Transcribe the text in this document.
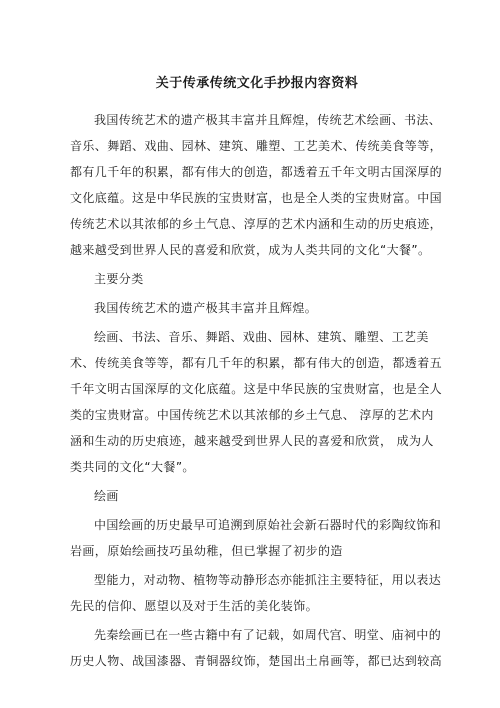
关于传承传统文化手抄报内容资料

我国传统艺术的遗产极其丰富并且辉煌，传统艺术绘画、书法、音乐、舞蹈、戏曲、园林、建筑、雕塑、工艺美术、传统美食等等，都有几千年的积累，都有伟大的创造，都透着五千年文明古国深厚的文化底蕴。这是中华民族的宝贵财富，也是全人类的宝贵财富。中国传统艺术以其浓郁的乡土气息、淳厚的艺术内涵和生动的历史痕迹，越来越受到世界人民的喜爱和欣赏，成为人类共同的文化“大餐”。

主要分类

我国传统艺术的遗产极其丰富并且辉煌。

绘画、书法、音乐、舞蹈、戏曲、园林、建筑、雕塑、工艺美术、传统美食等等，都有几千年的积累，都有伟大的创造，都透着五千年文明古国深厚的文化底蕴。这是中华民族的宝贵财富，也是全人类的宝贵财富。中国传统艺术以其浓郁的乡土气息、 淳厚的艺术内涵和生动的历史痕迹，越来越受到世界人民的喜爱和欣赏， 成为人类共同的文化“大餐”。

绘画

中国绘画的历史最早可追溯到原始社会新石器时代的彩陶纹饰和岩画，原始绘画技巧虽幼稚，但已掌握了初步的造

型能力，对动物、植物等动静形态亦能抓注主要特征，用以表达先民的信仰、愿望以及对于生活的美化装饰。

先秦绘画已在一些古籍中有了记载，如周代宫、明堂、庙祠中的历史人物、战国漆器、青铜器纹饰，楚国出土帛画等，都已达到较高
